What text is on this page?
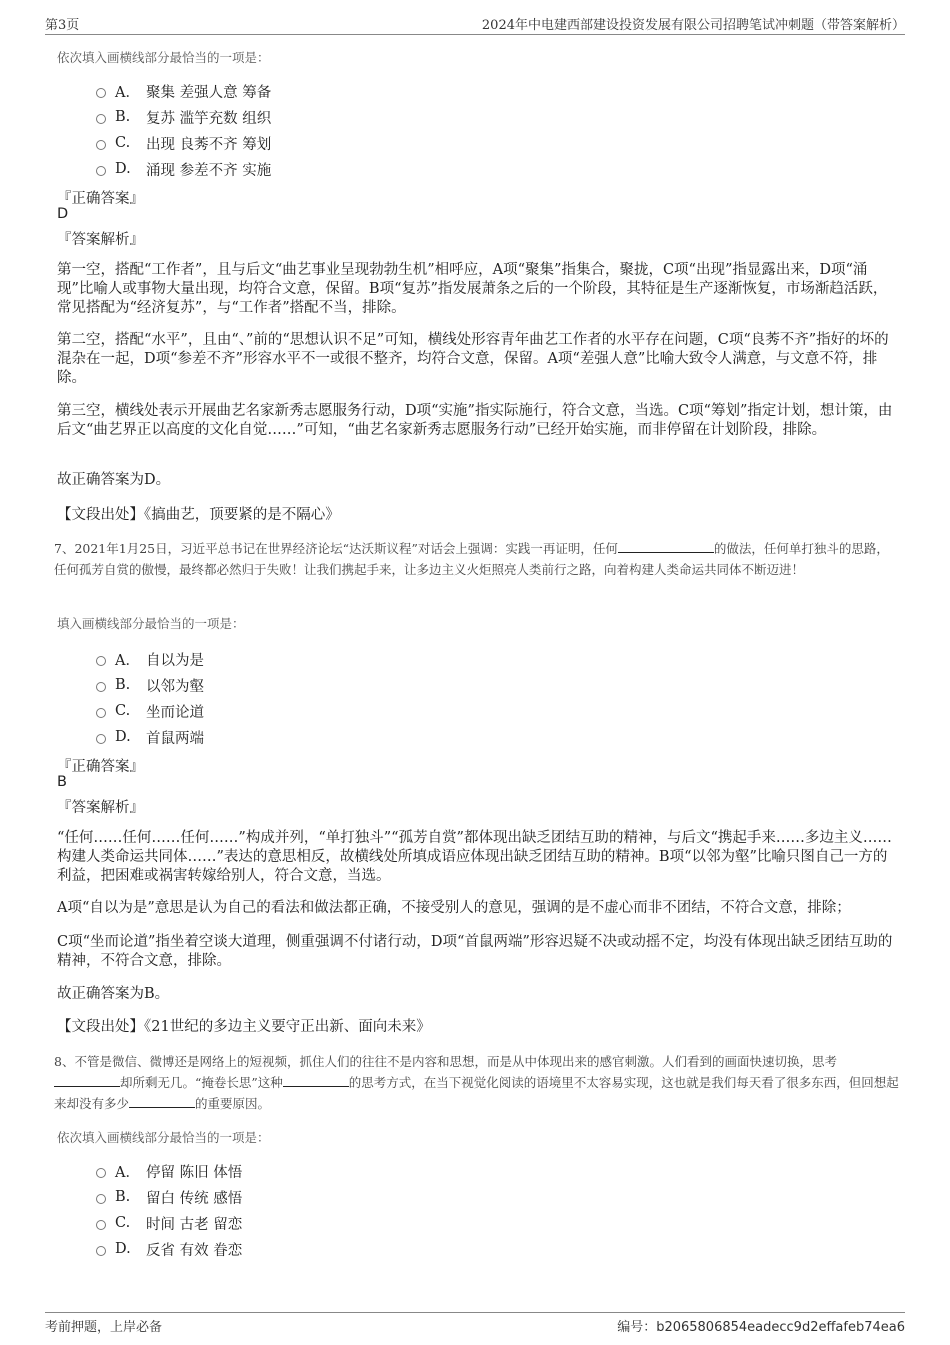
第3页	2024年中电建西部建设投资发展有限公司招聘笔试冲刺题（带答案解析）
依次填入画横线部分最恰当的一项是：
A． 聚集 差强人意 筹备
B.	复苏 滥竽充数 组织
C.	出现 良莠不齐 筹划
D.	涌现 参差不齐 实施
『正确答案』
D
『答案解析』
第一空，搭配“工作者”，且与后文“曲艺事业呈现勃勃生机”相呼应，A项“聚集”指集合，聚拢，C项“出现”指显露出来，D项“涌现”比喻人或事物大量出现，均符合文意，保留。B项“复苏”指发展萧条之后的一个阶段，其特征是生产逐渐恢复，市场渐趋活跃，常见搭配为“经济复苏”，与“工作者”搭配不当，排除。
第二空，搭配“水平”，且由“、”前的“思想认识不足”可知，横线处形容青年曲艺工作者的水平存在问题，C项“良莠不齐”指好的坏的混杂在一起，D项“参差不齐”形容水平不一或很不整齐，均符合文意，保留。A项“差强人意”比喻大致令人满意，与文意不符，排除。
第三空，横线处表示开展曲艺名家新秀志愿服务行动，D项“实施”指实际施行，符合文意，当选。C项“筹划”指定计划，想计策，由后文“曲艺界正以高度的文化自觉……”可知，“曲艺名家新秀志愿服务行动”已经开始实施，而非停留在计划阶段，排除。
故正确答案为D。
【文段出处】《搞曲艺，顶要紧的是不隔心》
7、2021年1月25日，习近平总书记在世界经济论坛“达沃斯议程”对话会上强调：实践一再证明，任何	的做法，任何单打独斗的思路，任何孤芳自赏的傲慢，最终都必然归于失败！让我们携起手来，让多边主义火炬照亮人类前行之路，向着构建人类命运共同体不断迈进！
填入画横线部分最恰当的一项是：
A． 自以为是
B.	以邻为壑
C.	坐而论道
D.	首鼠两端
『正确答案』
B
『答案解析』
“任何……任何……任何……”构成并列，“单打独斗”“孤芳自赏”都体现出缺乏团结互助的精神，与后文“携起手来……多边主义……构建人类命运共同体……”表达的意思相反，故横线处所填成语应体现出缺乏团结互助的精神。B项“以邻为壑”比喻只图自己一方的利益，把困难或祸害转嫁给别人，符合文意，当选。
A项“自以为是”意思是认为自己的看法和做法都正确，不接受别人的意见，强调的是不虚心而非不团结，不符合文意，排除；
C项“坐而论道”指坐着空谈大道理，侧重强调不付诸行动，D项“首鼠两端”形容迟疑不决或动摇不定，均没有体现出缺乏团结互助的精神，不符合文意，排除。
故正确答案为B。
【文段出处】《21世纪的多边主义要守正出新、面向未来》
8、不管是微信、微博还是网络上的短视频，抓住人们的往往不是内容和思想，而是从中体现出来的感官刺激。人们看到的画面快速切换，思考却所剩无几。“掩卷长思”这种	的思考方式，在当下视觉化阅读的语境里不太容易实现，这也就是我们每天看了很多东西，但回想起来却没有多少	的重要原因。
依次填入画横线部分最恰当的一项是：
A． 停留 陈旧 体悟
B.	留白 传统 感悟
C.	时间 古老 留恋
D.	反省 有效 眷恋
考前押题，上岸必备	编号：b2065806854eadecc9d2effafeb74ea6
